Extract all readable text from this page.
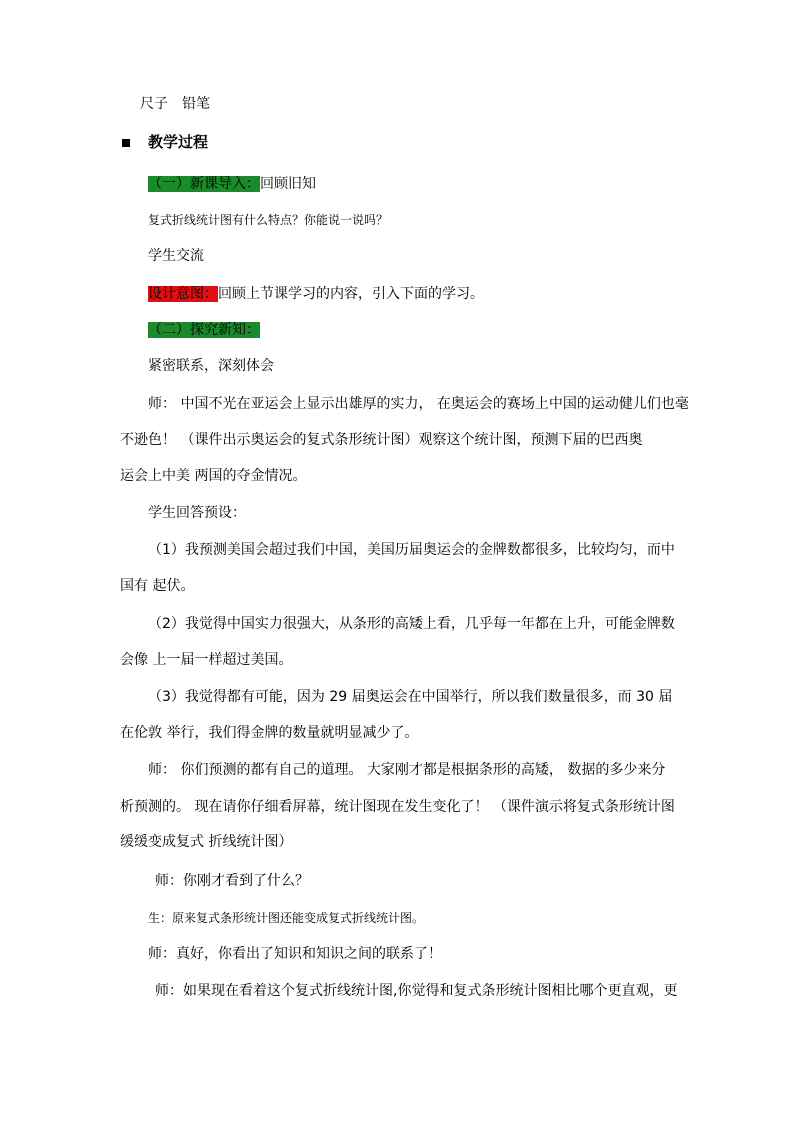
尺子　铅笔
教学过程
（一）新课导入：回顾旧知
复式折线统计图有什么特点？你能说一说吗？
学生交流
设计意图：回顾上节课学习的内容，引入下面的学习。
（二）探究新知：
紧密联系，深刻体会
师： 中国不光在亚运会上显示出雄厚的实力， 在奥运会的赛场上中国的运动健儿们也毫
不逊色！ （课件出示奥运会的复式条形统计图）观察这个统计图，预测下届的巴西奥
运会上中美 两国的夺金情况。
学生回答预设：
（1）我预测美国会超过我们中国，美国历届奥运会的金牌数都很多，比较均匀，而中
国有 起伏。
（2）我觉得中国实力很强大，从条形的高矮上看，几乎每一年都在上升，可能金牌数
会像 上一届一样超过美国。
（3）我觉得都有可能，因为 29 届奥运会在中国举行，所以我们数量很多，而 30 届
在伦敦 举行，我们得金牌的数量就明显减少了。
师： 你们预测的都有自己的道理。 大家刚才都是根据条形的高矮， 数据的多少来分
析预测的。 现在请你仔细看屏幕，统计图现在发生变化了！ （课件演示将复式条形统计图
缓缓变成复式 折线统计图）
师：你刚才看到了什么？
生：原来复式条形统计图还能变成复式折线统计图。
师：真好，你看出了知识和知识之间的联系了！
师：如果现在看着这个复式折线统计图,你觉得和复式条形统计图相比哪个更直观，更
